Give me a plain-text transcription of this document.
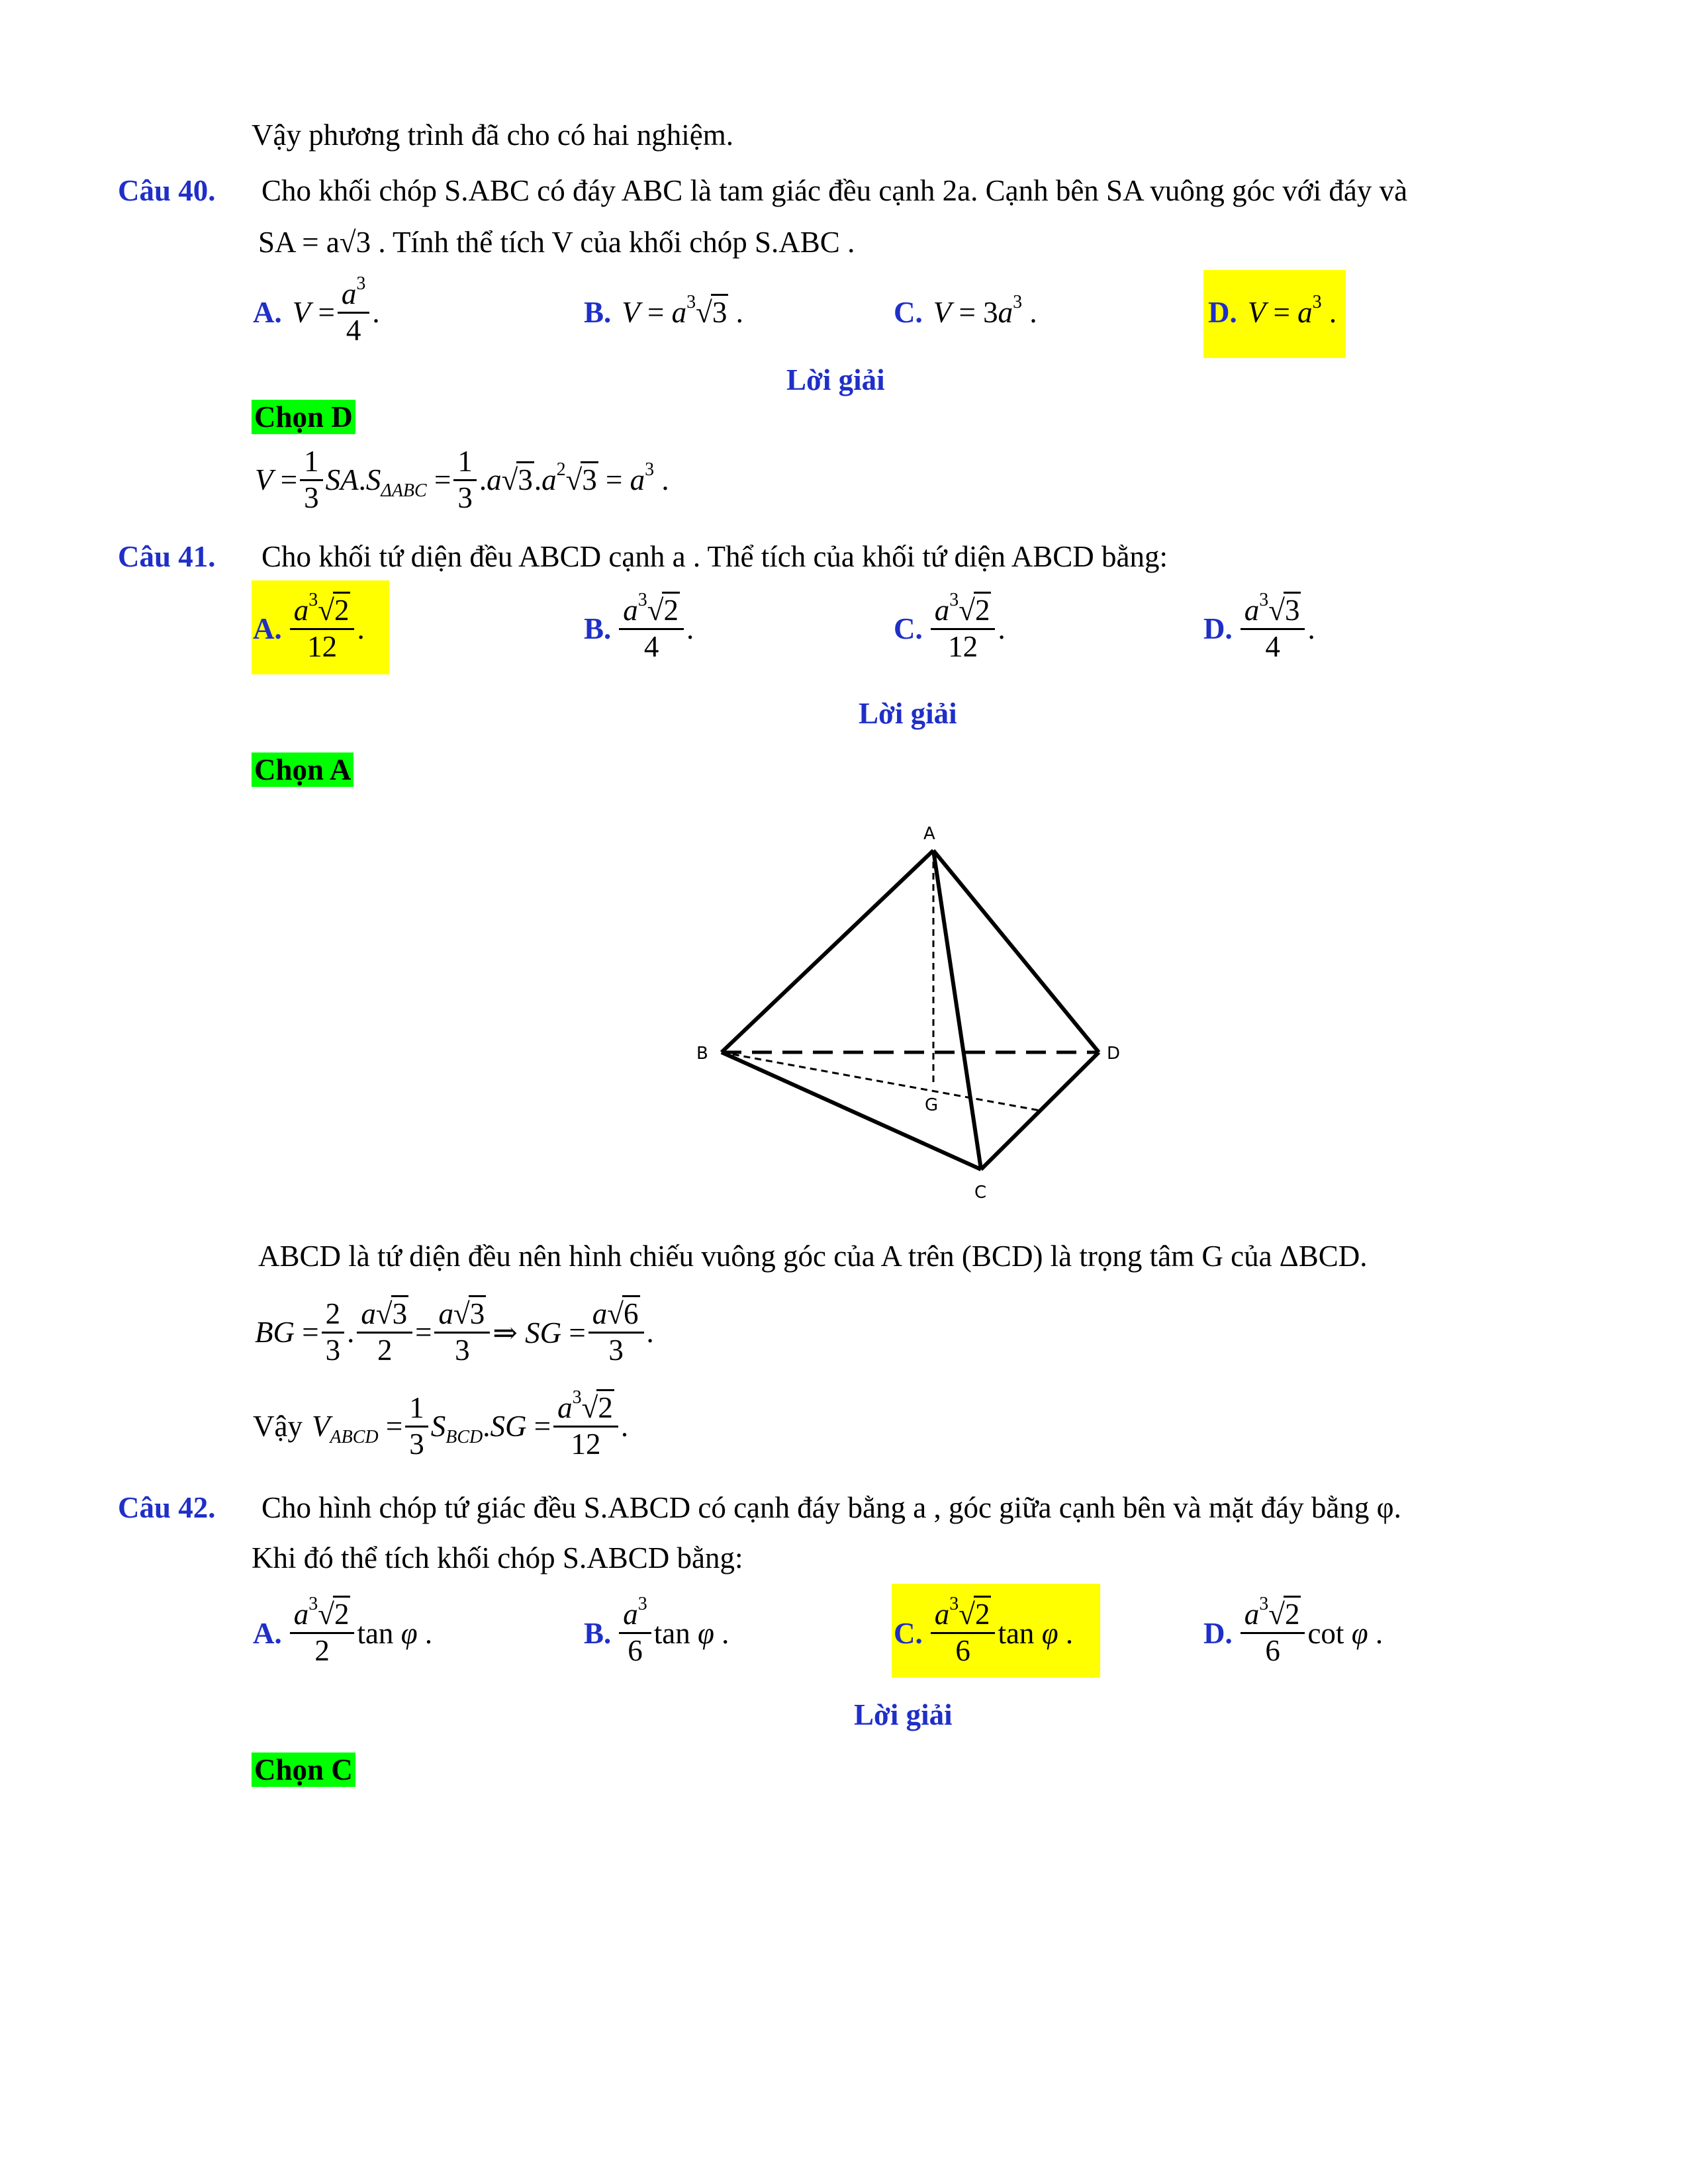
Vậy phương trình đã cho có hai nghiệm.
Câu 40. Cho khối chóp S.ABC có đáy ABC là tam giác đều cạnh 2a. Cạnh bên SA vuông góc với đáy và
SA = a√3 . Tính thể tích V của khối chóp S.ABC .
A. $V = \frac{a^3}{4}$ .	B. $V = a^3√3$ .	C. $V = 3a^3$ .	D. $V = a^3$ .
Lời giải
Chọn D
$V = \frac{1}{3} SA.S_{\Delta ABC} = \frac{1}{3} .a√3.a^2√3 = a^3$ .
Câu 41. Cho khối tứ diện đều ABCD cạnh a . Thể tích của khối tứ diện ABCD bằng:
A. $\frac{a^3√2}{12}$ .	B. $\frac{a^3√2}{4}$ .	C. $\frac{a^3√2}{12}$ .	D. $\frac{a^3√3}{4}$ .
Lời giải
Chọn A
A
B	D
G
C
ABCD là tứ diện đều nên hình chiếu vuông góc của A trên (BCD) là trọng tâm G của ΔBCD.
BG = $\frac{2}{3}$ . $\frac{a√3}{2} = \frac{a√3}{3}$ ⇒ SG = $\frac{a√6}{3}$ .
Vậy $V_{ABCD} = \frac{1}{3} S_{BCD}.SG = \frac{a^3√2}{12}$ .
Câu 42. Cho hình chóp tứ giác đều S.ABCD có cạnh đáy bằng a , góc giữa cạnh bên và mặt đáy bằng φ.
Khi đó thể tích khối chóp S.ABCD bằng:
A. $\frac{a^3√2}{2}$ tan φ .	B. $\frac{a^3}{6}$ tan φ .	C. $\frac{a^3√2}{6}$ tan φ .	D. $\frac{a^3√2}{6}$ cot φ .
Lời giải
Chọn C
